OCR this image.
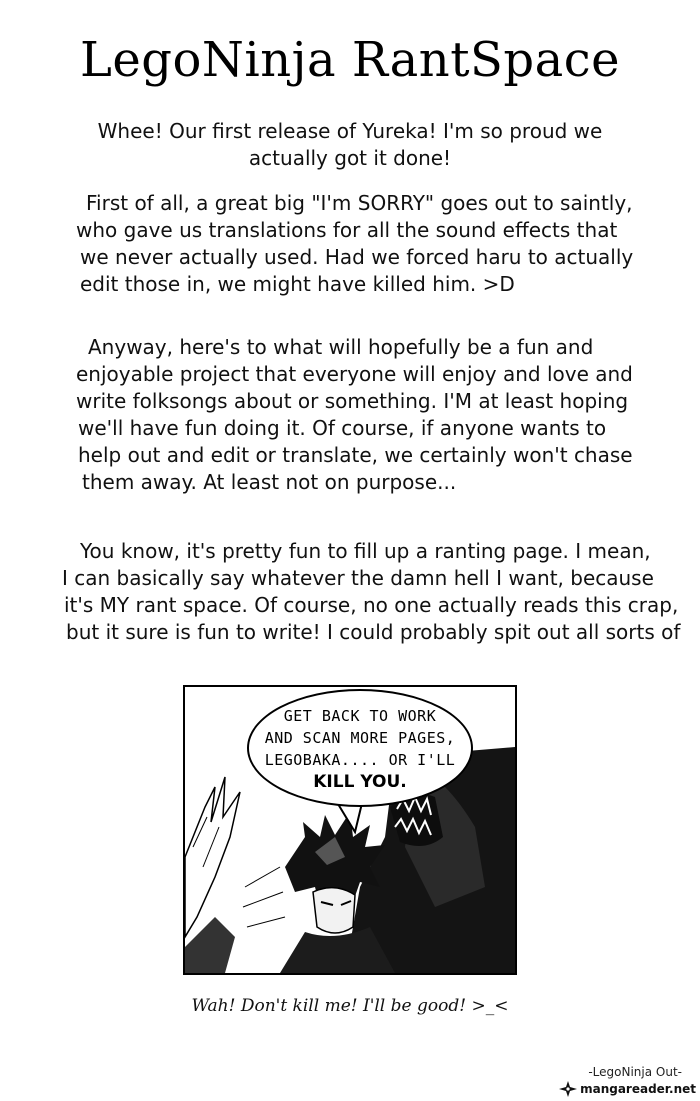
LegoNinja RantSpace

Whee! Our first release of Yureka! I'm so proud we
actually got it done!

First of all, a great big "I'm SORRY" goes out to saintly,
who gave us translations for all the sound effects that
we never actually used. Had we forced haru to actually
edit those in, we might have killed him. >D

Anyway, here's to what will hopefully be a fun and
enjoyable project that everyone will enjoy and love and
write folksongs about or something. I'M at least hoping
we'll have fun doing it. Of course, if anyone wants to
help out and edit or translate, we certainly won't chase
them away. At least not on purpose...

You know, it's pretty fun to fill up a ranting page. I mean,
I can basically say whatever the damn hell I want, because
it's MY rant space. Of course, no one actually reads this crap,
but it sure is fun to write! I could probably spit out all sorts of

GET BACK TO WORK
AND SCAN MORE PAGES,
LEGOBAKA.... OR I'LL
KILL YOU.
Wah! Don't kill me! I'll be good! >_<
-LegoNinja Out-
mangareader.net
